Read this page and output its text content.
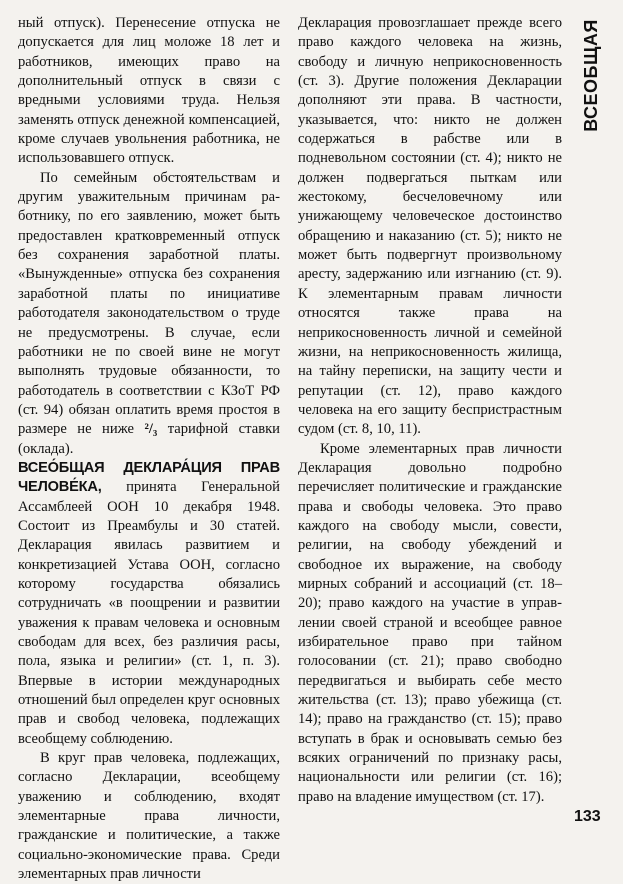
ВСЕОБЩАЯ

ный отпуск). Перенесение отпуска не допускается для лиц моложе 18 лет и работников, имеющих право на дополнительный отпуск в связи с вредными условиями труда. Нельзя заменять отпуск денежной компенсацией, кроме случаев увольнения работника, не использовавшего отпуск.

По семейным обстоятельствам и другим уважительным причинам работнику, по его заявлению, может быть предоставлен кратковременный отпуск без сохранения заработной платы. «Вынужденные» отпуска без сохранения заработной платы по инициативе работодателя законодательством о труде не предусмотрены. В случае, если работники не по своей вине не могут выполнять трудовые обязанности, то работодатель в соответствии с КЗоТ РФ (ст. 94) обязан оплатить время простоя в размере не ниже ²/₃ тарифной ставки (оклада).

ВСЕО́БЩАЯ ДЕКЛАРА́ЦИЯ ПРАВ ЧЕЛОВЕ́КА, принята Генеральной Ассамблеей ООН 10 декабря 1948. Состоит из Преамбулы и 30 статей. Декларация явилась развитием и конкретизацией Устава ООН, согласно которому государства обязались сотрудничать «в поощрении и развитии уважения к правам человека и основным свободам для всех, без различия расы, пола, языка и религии» (ст. 1, п. 3). Впервые в истории международных отношений был определен круг основных прав и свобод человека, подлежащих всеобщему соблюдению.

В круг прав человека, подлежащих, согласно Декларации, всеобщему уважению и соблюдению, входят элементарные права личности, гражданские и политические, а также социально-экономические права. Среди элементарных прав личности

Декларация провозглашает прежде всего право каждого человека на жизнь, свободу и личную неприкосновенность (ст. 3). Другие положения Декларации дополняют эти права. В частности, указывается, что: никто не должен содержаться в рабстве или в подневольном состоянии (ст. 4); никто не должен подвергаться пыткам или жестокому, бесчеловечному или унижающему человеческое достоинство обращению и наказанию (ст. 5); никто не может быть подвергнут произвольному аресту, задержанию или изгнанию (ст. 9). К элементарным правам личности относятся также права на неприкосновенность личной и семейной жизни, на неприкосновенность жилища, на тайну переписки, на защиту чести и репутации (ст. 12), право каждого человека на его защиту беспристрастным судом (ст. 8, 10, 11).

Кроме элементарных прав личности Декларация довольно подробно перечисляет политические и гражданские права и свободы человека. Это право каждого на свободу мысли, совести, религии, на свободу убеждений и свободное их выражение, на свободу мирных собраний и ассоциаций (ст. 18–20); право каждого на участие в управлении своей страной и всеобщее равное избирательное право при тайном голосовании (ст. 21); право свободно передвигаться и выбирать себе место жительства (ст. 13); право убежища (ст. 14); право на гражданство (ст. 15); право вступать в брак и основывать семью без всяких ограничений по признаку расы, национальности или религии (ст. 16); право на владение имуществом (ст. 17).

133
